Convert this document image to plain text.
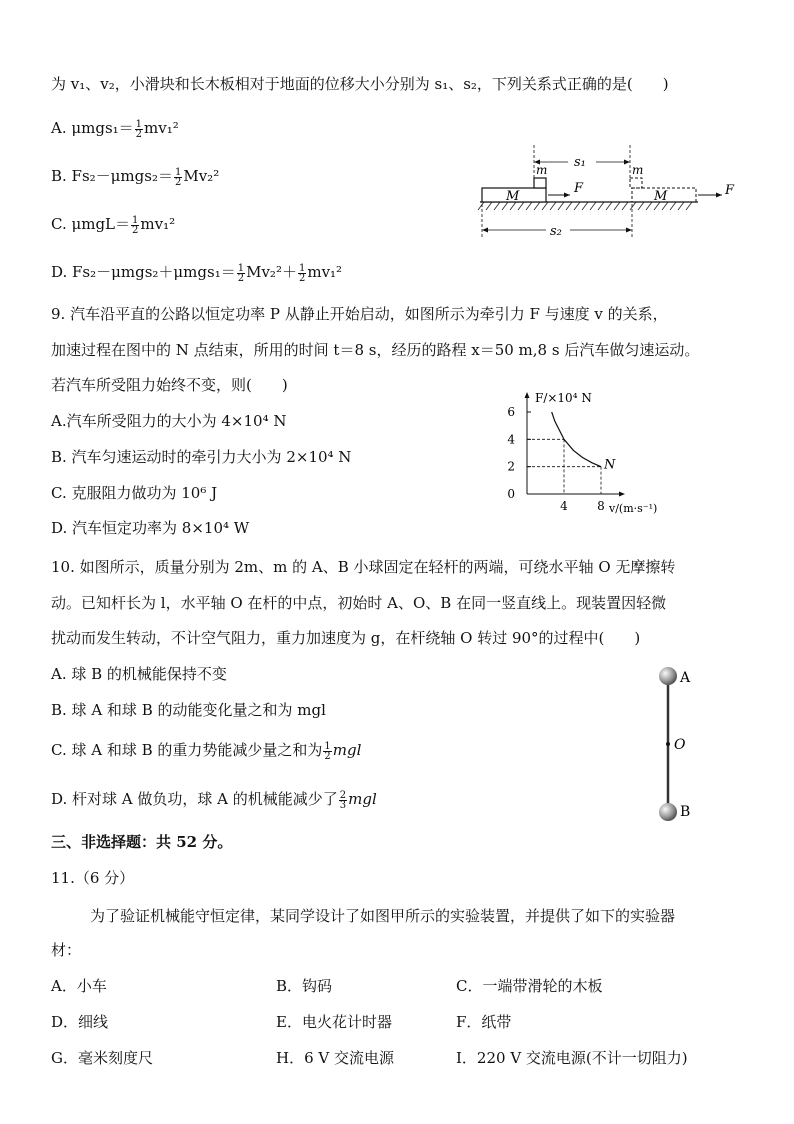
为 v₁、v₂，小滑块和长木板相对于地面的位移大小分别为 s₁、s₂，下列关系式正确的是(　　)
A. $\mu mgs_1= \frac{1}{2} mv_1^2$
B. $Fs_2-\mu mgs_2= \frac{1}{2} Mv_2^2$
C. $\mu mgL= \frac{1}{2} mv_1^2$
D. $Fs_2-\mu mgs_2+\mu mgs_1= \frac{1}{2} Mv_2^2+ \frac{1}{2} mv_1^2$
M
m
F
M
m
F
s₁
s₂
9. 汽车沿平直的公路以恒定功率 P 从静止开始启动，如图所示为牵引力 F 与速度 v 的关系，
加速过程在图中的 N 点结束，所用的时间 t＝8 s，经历的路程 x＝50 m,8 s 后汽车做匀速运动。
若汽车所受阻力始终不变，则(　　)
A.汽车所受阻力的大小为 4×10⁴ N
B. 汽车匀速运动时的牵引力大小为 2×10⁴ N
C. 克服阻力做功为 10⁶ J
D. 汽车恒定功率为 8×10⁴ W
F/×10⁴ N
v/(m·s⁻¹)
0
2
4
6
4 8
N
10. 如图所示，质量分别为 2m、m 的 A、B 小球固定在轻杆的两端，可绕水平轴 O 无摩擦转
动。已知杆长为 l，水平轴 O 在杆的中点，初始时 A、O、B 在同一竖直线上。现装置因轻微
扰动而发生转动，不计空气阻力，重力加速度为 g，在杆绕轴 O 转过 90°的过程中(　　)
A. 球 B 的机械能保持不变
B. 球 A 和球 B 的动能变化量之和为 mgl
C. 球 A 和球 B 的重力势能减少量之和为 $\frac{1}{2}$ mgl
D. 杆对球 A 做负功，球 A 的机械能减少了 $\frac{2}{3}$ mgl
A
O
B
三、非选择题：共 52 分。
11.（6 分）
为了验证机械能守恒定律，某同学设计了如图甲所示的实验装置，并提供了如下的实验器
材：
A．小车	B．钩码	C．一端带滑轮的木板
D．细线	E．电火花计时器	F．纸带
G．毫米刻度尺	H．6 V 交流电源	I．220 V 交流电源(不计一切阻力)
